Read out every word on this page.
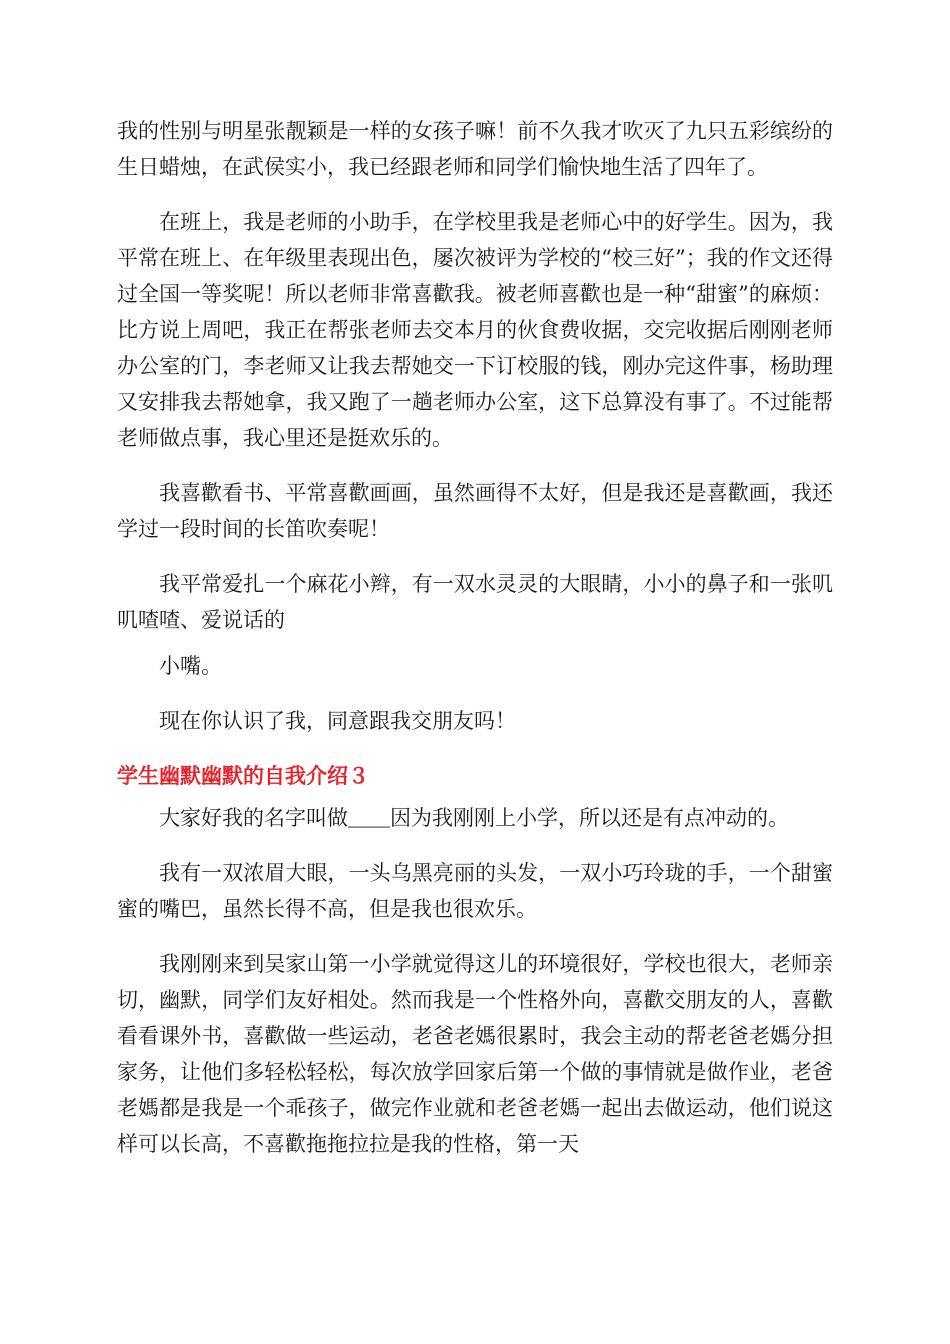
我的性别与明星张靓颖是一样的女孩子嘛！前不久我才吹灭了九只五彩缤纷的生日蜡烛，在武侯实小，我已经跟老师和同学们愉快地生活了四年了。

在班上，我是老师的小助手，在学校里我是老师心中的好学生。因为，我平常在班上、在年级里表现出色，屡次被评为学校的“校三好”；我的作文还得过全国一等奖呢！所以老师非常喜歡我。被老师喜歡也是一种“甜蜜”的麻烦：比方说上周吧，我正在帮张老师去交本月的伙食费收据，交完收据后刚刚老师办公室的门，李老师又让我去帮她交一下订校服的钱，刚办完这件事，杨助理又安排我去帮她拿，我又跑了一趟老师办公室，这下总算没有事了。不过能帮老师做点事，我心里还是挺欢乐的。

我喜歡看书、平常喜歡画画，虽然画得不太好，但是我还是喜歡画，我还学过一段时间的长笛吹奏呢！

我平常爱扎一个麻花小辫，有一双水灵灵的大眼睛，小小的鼻子和一张叽叽喳喳、爱说话的

小嘴。

现在你认识了我，同意跟我交朋友吗！

学生幽默幽默的自我介绍３

大家好我的名字叫做＿＿因为我刚刚上小学，所以还是有点冲动的。

我有一双浓眉大眼，一头乌黑亮丽的头发，一双小巧玲珑的手，一个甜蜜蜜的嘴巴，虽然长得不高，但是我也很欢乐。

我刚刚来到吴家山第一小学就觉得这儿的环境很好，学校也很大，老师亲切，幽默，同学们友好相处。然而我是一个性格外向，喜歡交朋友的人，喜歡看看课外书，喜歡做一些运动，老爸老媽很累时，我会主动的帮老爸老媽分担家务，让他们多轻松轻松，每次放学回家后第一个做的事情就是做作业，老爸老媽都是我是一个乖孩子，做完作业就和老爸老媽一起出去做运动，他们说这样可以长高，不喜歡拖拖拉拉是我的性格，第一天
